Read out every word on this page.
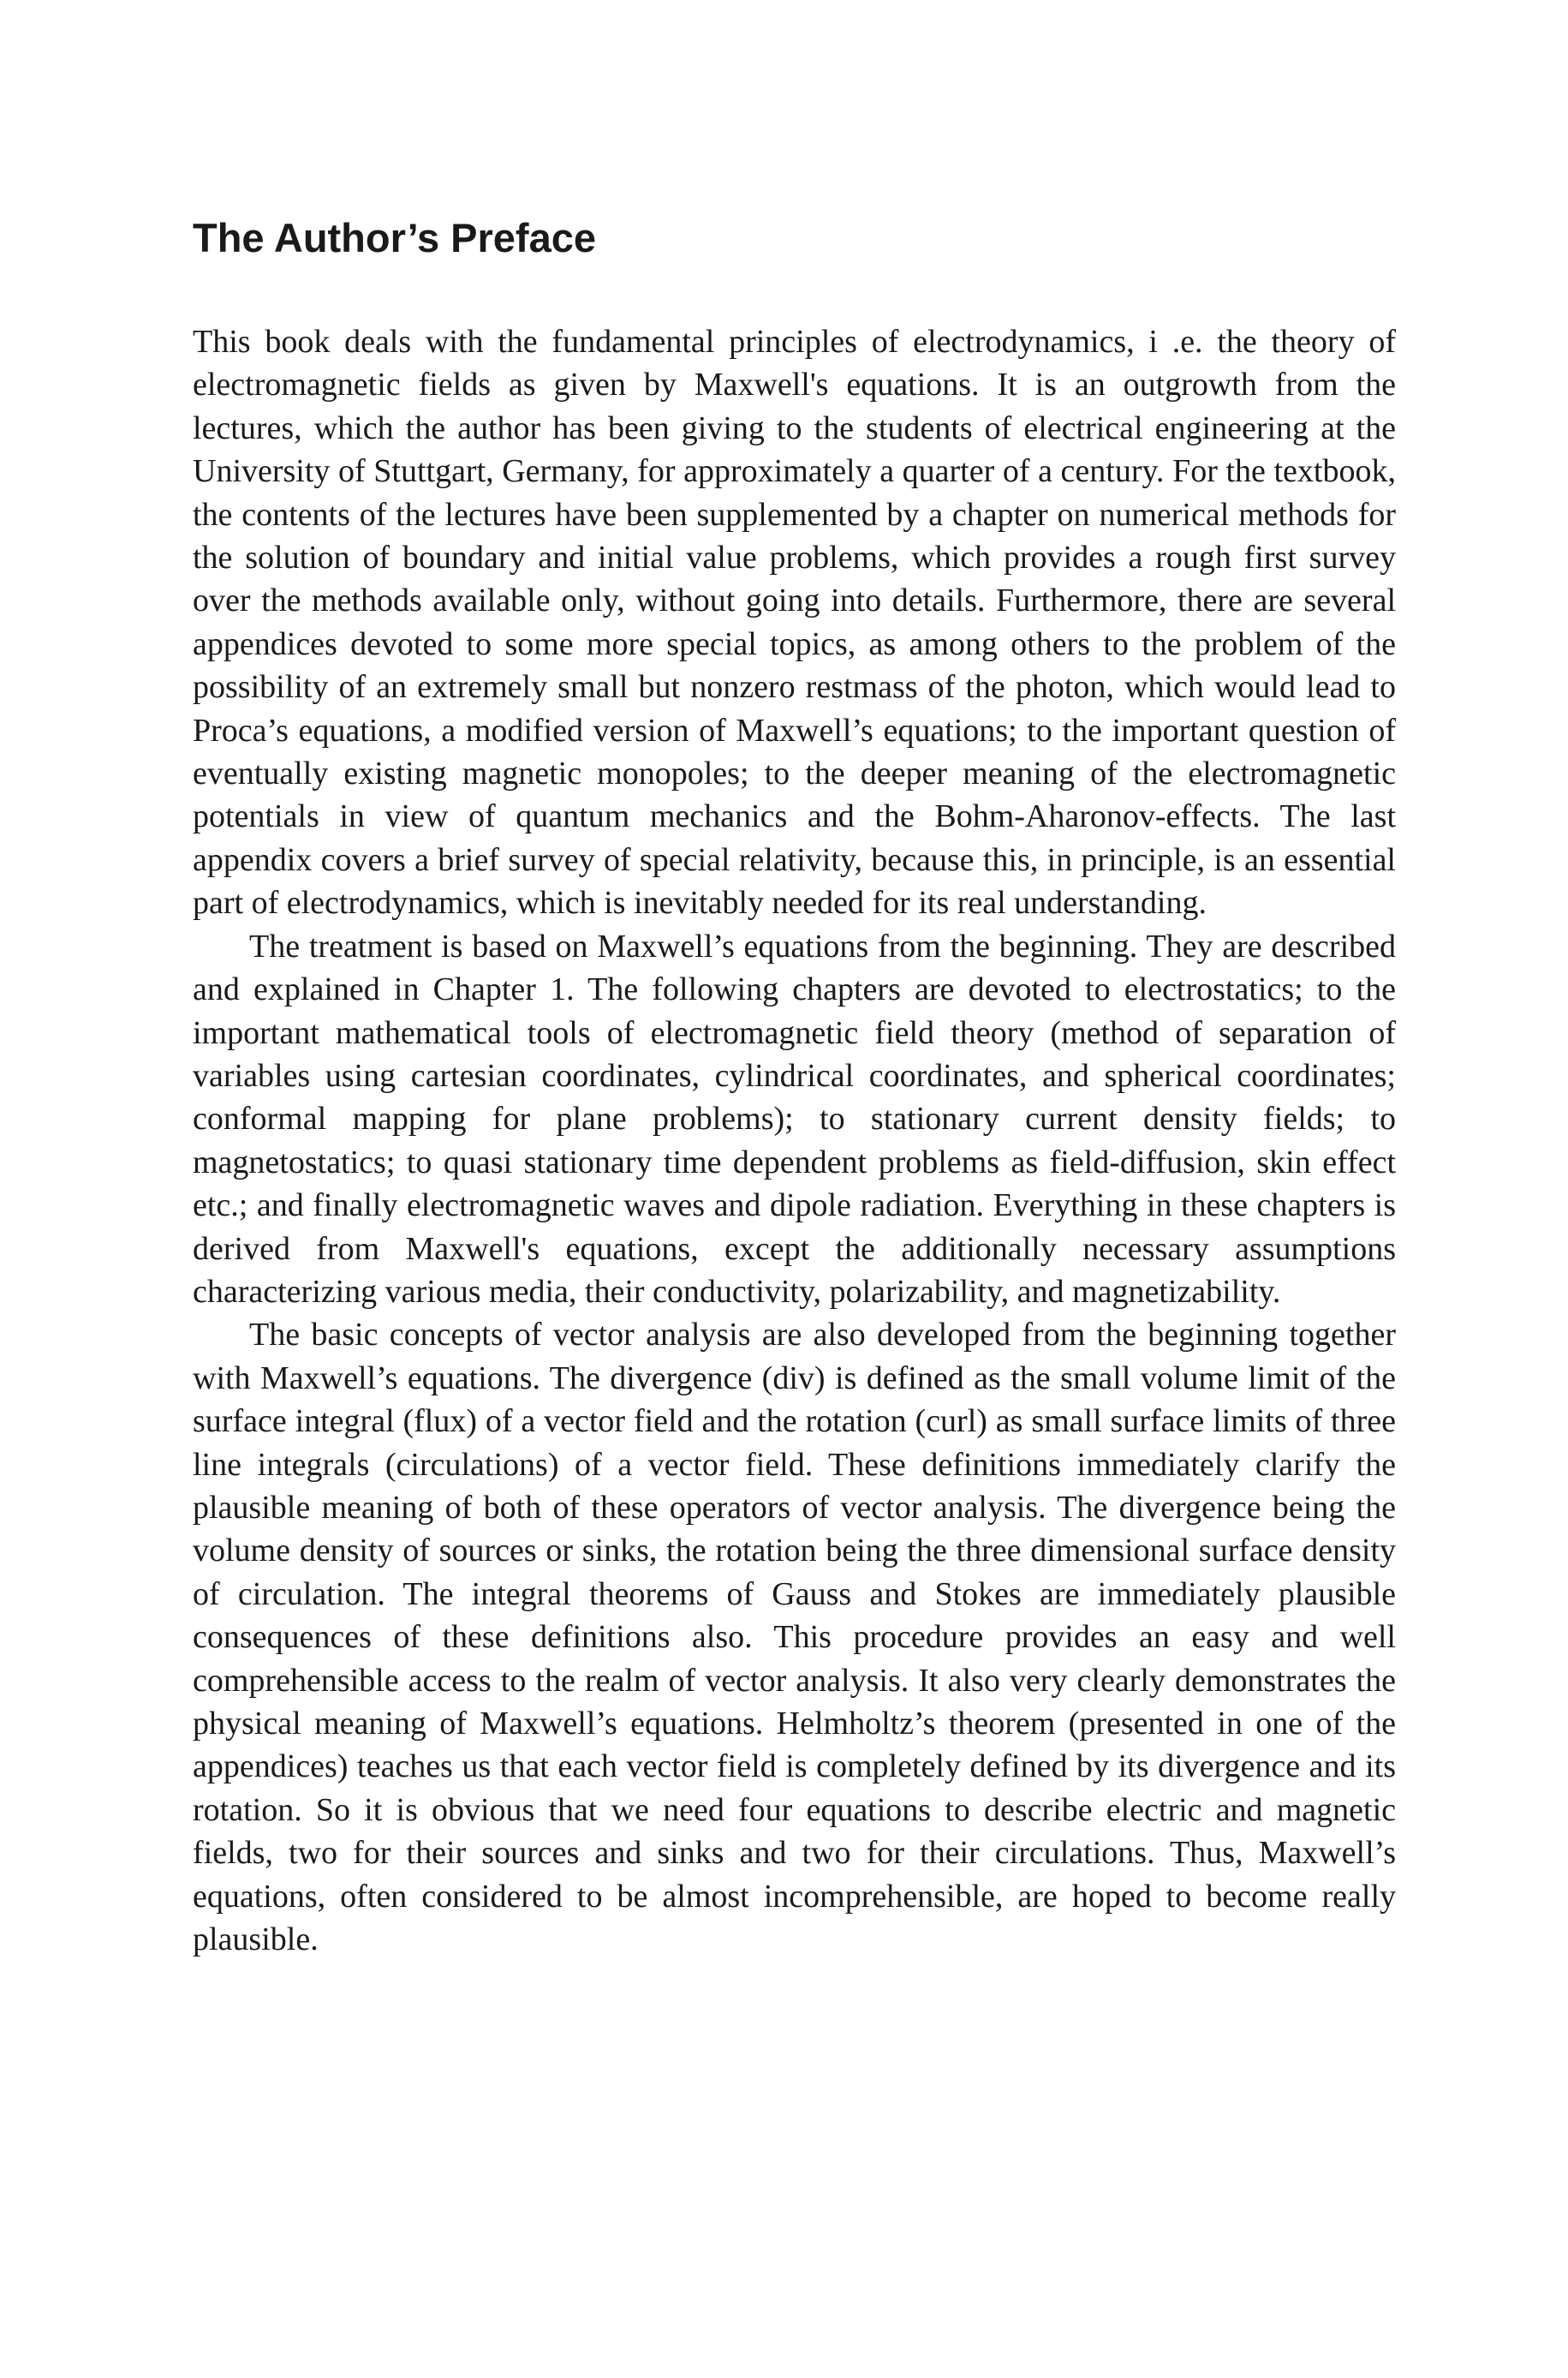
The Author’s Preface

This book deals with the fundamental principles of electrodynamics, i .e. the theory of electromagnetic fields as given by Maxwell's equations. It is an outgrowth from the lectures, which the author has been giving to the students of electrical engineering at the University of Stuttgart, Germany, for approximately a quarter of a century. For the textbook, the contents of the lectures have been supplemented by a chapter on numerical methods for the solution of boundary and initial value problems, which provides a rough first survey over the methods available only, without going into details. Furthermore, there are several appendices devoted to some more special topics, as among others to the problem of the possibility of an extremely small but nonzero restmass of the photon, which would lead to Proca’s equations, a modified version of Maxwell’s equations; to the important question of eventually existing magnetic monopoles; to the deeper meaning of the electromagnetic potentials in view of quantum mechanics and the Bohm-Aharonov-effects. The last appendix covers a brief survey of special relativity, because this, in principle, is an essential part of electrodynamics, which is inevitably needed for its real understanding.

The treatment is based on Maxwell’s equations from the beginning. They are described and explained in Chapter 1. The following chapters are devoted to electrostatics; to the important mathematical tools of electromagnetic field theory (method of separation of variables using cartesian coordinates, cylindrical coordinates, and spherical coordinates; conformal mapping for plane problems); to stationary current density fields; to magnetostatics; to quasi stationary time dependent problems as field-diffusion, skin effect etc.; and finally electromagnetic waves and dipole radiation. Everything in these chapters is derived from Maxwell's equations, except the additionally necessary assumptions characterizing various media, their conductivity, polarizability, and magnetizability.

The basic concepts of vector analysis are also developed from the beginning together with Maxwell’s equations. The divergence (div) is defined as the small volume limit of the surface integral (flux) of a vector field and the rotation (curl) as small surface limits of three line integrals (circulations) of a vector field. These definitions immediately clarify the plausible meaning of both of these operators of vector analysis. The divergence being the volume density of sources or sinks, the rotation being the three dimensional surface density of circulation. The integral theorems of Gauss and Stokes are immediately plausible consequences of these definitions also. This procedure provides an easy and well comprehensible access to the realm of vector analysis. It also very clearly demonstrates the physical meaning of Maxwell’s equations. Helmholtz’s theorem (presented in one of the appendices) teaches us that each vector field is completely defined by its divergence and its rotation. So it is obvious that we need four equations to describe electric and magnetic fields, two for their sources and sinks and two for their circulations. Thus, Maxwell’s equations, often considered to be almost incomprehensible, are hoped to become really plausible.
